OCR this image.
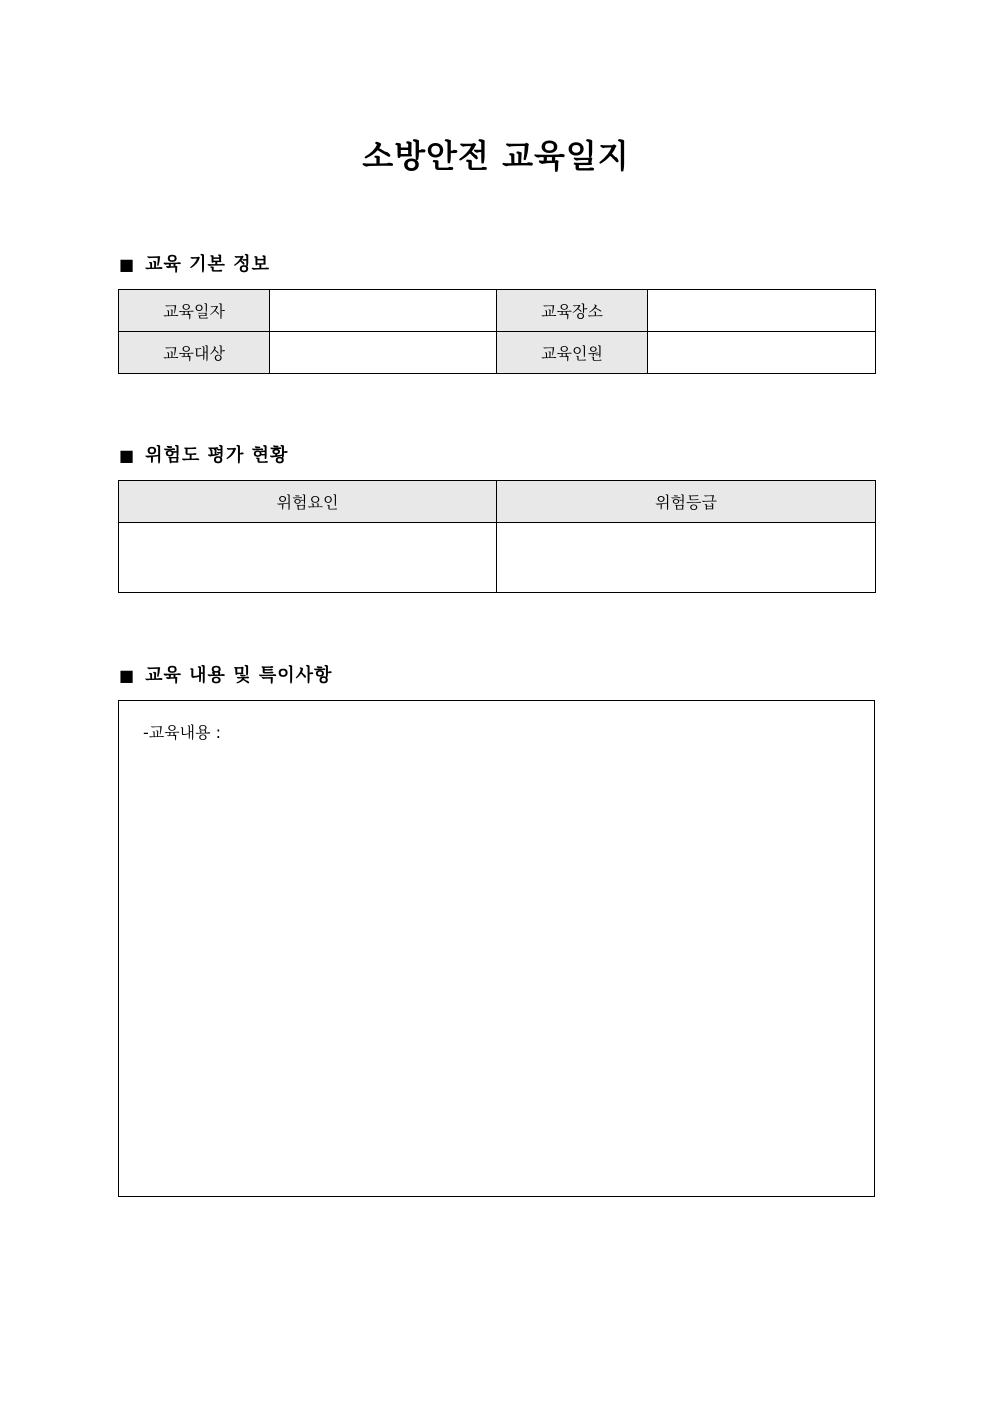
소방안전 교육일지
■ 교육 기본 정보
교육일자		교육장소	
교육대상		교육인원	
■ 위험도 평가 현황
위험요인	위험등급

■ 교육 내용 및 특이사항
-교육내용 :
